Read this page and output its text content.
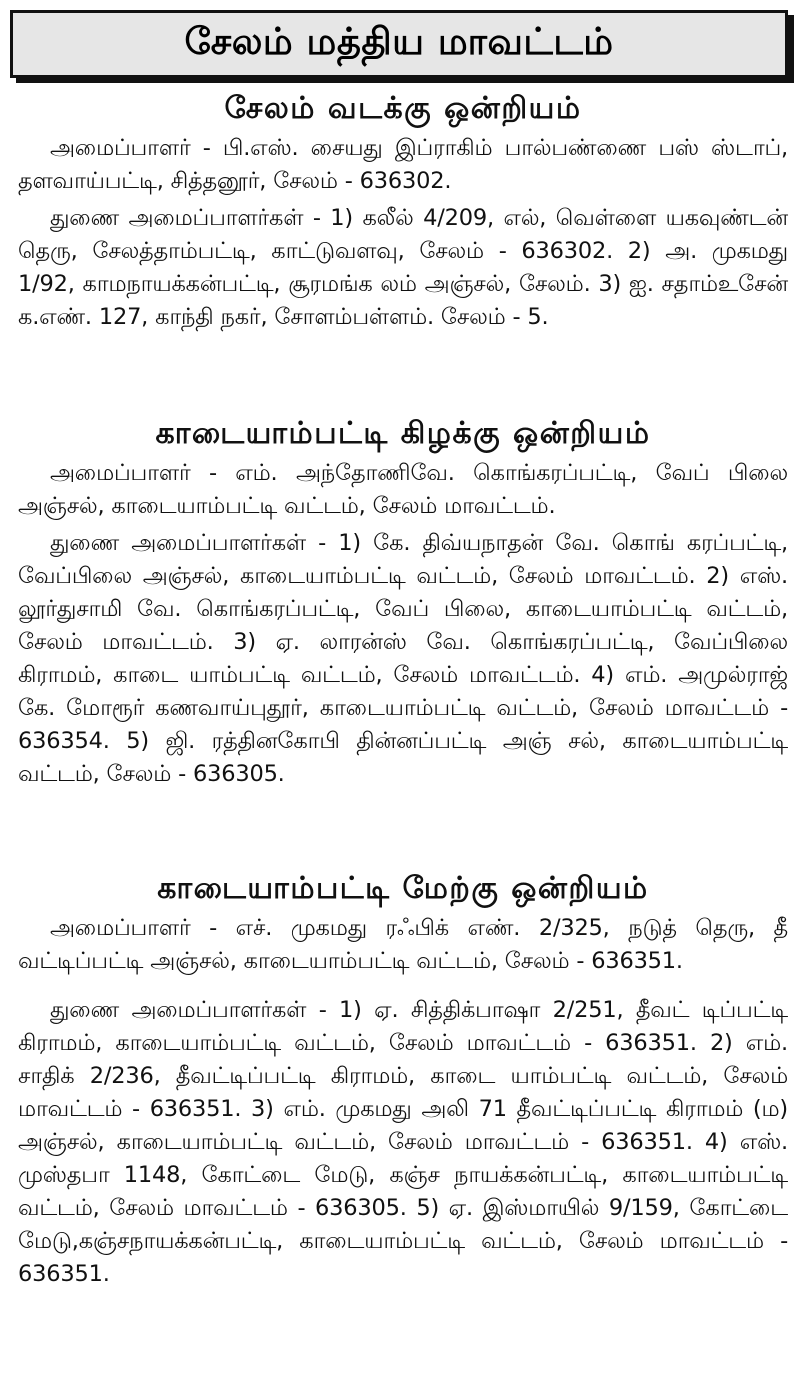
சேலம் மத்திய மாவட்டம்
சேலம் வடக்கு ஒன்றியம்

அமைப்பாளர் - பி.எஸ். சையது இப்ராகிம் பால்பண்ணை பஸ் ஸ்டாப், தளவாய்பட்டி, சித்தனூர், சேலம் - 636302.

துணை அமைப்பாளர்கள் - 1) கலீல் 4/209, எல், வெள்ளை யகவுண்டன் தெரு, சேலத்தாம்பட்டி, காட்டுவளவு, சேலம் - 636302. 2) அ. முகமது 1/92, காமநாயக்கன்பட்டி, சூரமங்க லம் அஞ்சல், சேலம். 3) ஐ. சதாம்உசேன் க.எண். 127, காந்தி நகர், சோளம்பள்ளம். சேலம் - 5.

காடையாம்பட்டி கிழக்கு ஒன்றியம்

அமைப்பாளர் - எம். அந்தோணிவே. கொங்கரப்பட்டி, வேப் பிலை அஞ்சல், காடையாம்பட்டி வட்டம், சேலம் மாவட்டம்.

துணை அமைப்பாளர்கள் - 1) கே. திவ்யநாதன் வே. கொங் கரப்பட்டி, வேப்பிலை அஞ்சல், காடையாம்பட்டி வட்டம், சேலம் மாவட்டம். 2) எஸ். லூர்துசாமி வே. கொங்கரப்பட்டி, வேப் பிலை, காடையாம்பட்டி வட்டம், சேலம் மாவட்டம். 3) ஏ. லாரன்ஸ் வே. கொங்கரப்பட்டி, வேப்பிலை கிராமம், காடை யாம்பட்டி வட்டம், சேலம் மாவட்டம். 4) எம். அமுல்ராஜ் கே. மோரூர் கணவாய்புதூர், காடையாம்பட்டி வட்டம், சேலம் மாவட்டம் - 636354. 5) ஜி. ரத்தினகோபி தின்னப்பட்டி அஞ் சல், காடையாம்பட்டி வட்டம், சேலம் - 636305.

காடையாம்பட்டி மேற்கு ஒன்றியம்

அமைப்பாளர் - எச். முகமது ரஃபிக் எண். 2/325, நடுத் தெரு, தீ வட்டிப்பட்டி அஞ்சல், காடையாம்பட்டி வட்டம், சேலம் - 636351.

துணை அமைப்பாளர்கள் - 1) ஏ. சித்திக்பாஷா 2/251, தீவட் டிப்பட்டி கிராமம், காடையாம்பட்டி வட்டம், சேலம் மாவட்டம் - 636351. 2) எம். சாதிக் 2/236, தீவட்டிப்பட்டி கிராமம், காடை யாம்பட்டி வட்டம், சேலம் மாவட்டம் - 636351. 3) எம். முகமது அலி 71 தீவட்டிப்பட்டி கிராமம் (ம) அஞ்சல், காடையாம்பட்டி வட்டம், சேலம் மாவட்டம் - 636351. 4) எஸ். முஸ்தபா 1148, கோட்டை மேடு, கஞ்ச நாயக்கன்பட்டி, காடையாம்பட்டி வட்டம், சேலம் மாவட்டம் - 636305. 5) ஏ. இஸ்மாயில் 9/159, கோட்டை மேடு,கஞ்சநாயக்கன்பட்டி, காடையாம்பட்டி வட்டம், சேலம் மாவட்டம் - 636351.
